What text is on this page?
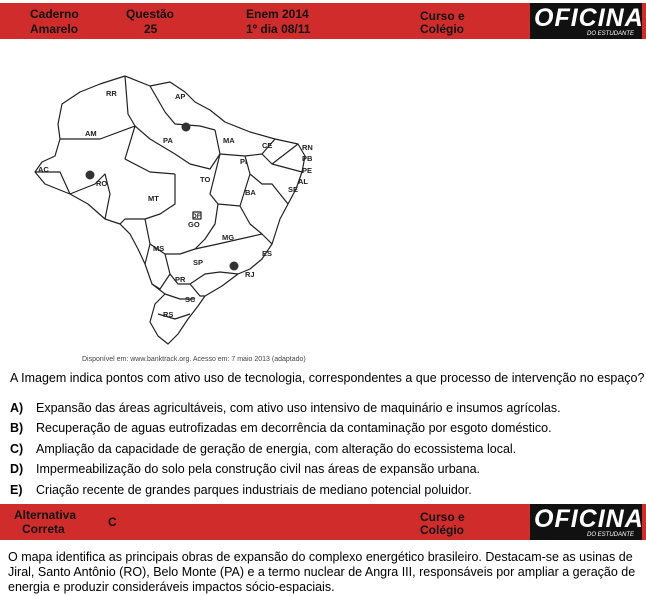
Caderno
Amarelo
Questão
25
Enem 2014
1º dia 08/11
Curso e
Colégio	OFICINA
DO ESTUDANTE
RR	AP
AM
PA	MA
CE	RN
PB
PE
AL
SE
PI
AC
RO	TO
MT
BA
DF
GO
MG
ES
MS
SP
RJ
PR
SC
RS
Disponível em: www.banktrack.org. Acesso em: 7 maio 2013 (adaptado)
A Imagem indica pontos com ativo uso de tecnologia, correspondentes a que processo de intervenção no espaço?
A) Expansão das áreas agricultáveis, com ativo uso intensivo de maquinário e insumos agrícolas.
B) Recuperação de aguas eutrofizadas em decorrência da contaminação por esgoto doméstico.
C) Ampliação da capacidade de geração de energia, com alteração do ecossistema local.
D) Impermeabilização do solo pela construção civil nas áreas de expansão urbana.
E) Criação recente de grandes parques industriais de mediano potencial poluidor.
Alternativa
Correta	C	Curso e
Colégio	OFICINA
DO ESTUDANTE
O mapa identifica as principais obras de expansão do complexo energético brasileiro. Destacam-se as usinas de Jiral, Santo Antônio (RO), Belo Monte (PA) e a termo nuclear de Angra III, responsáveis por ampliar a geração de energia e produzir consideráveis impactos sócio-espaciais.
